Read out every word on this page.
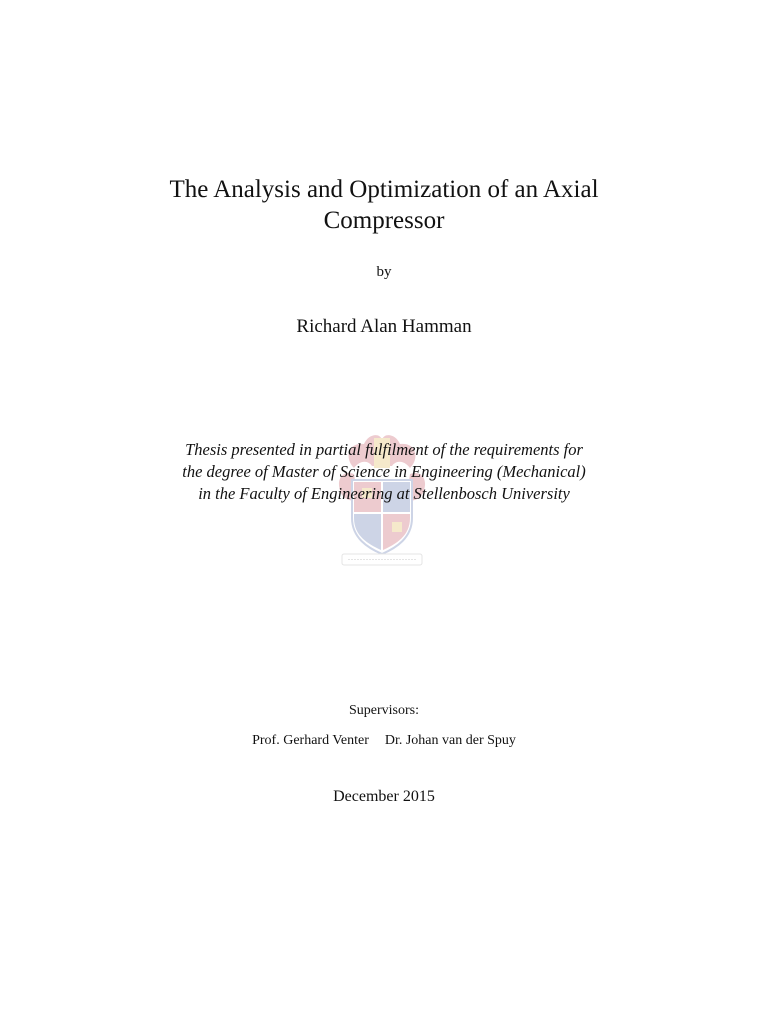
The Analysis and Optimization of an Axial
Compressor
by
Richard Alan Hamman
Thesis presented in partial fulfilment of the requirements for
the degree of Master of Science in Engineering (Mechanical)
in the Faculty of Engineering at Stellenbosch University
Supervisors:
Prof. Gerhard Venter Dr. Johan van der Spuy
December 2015
